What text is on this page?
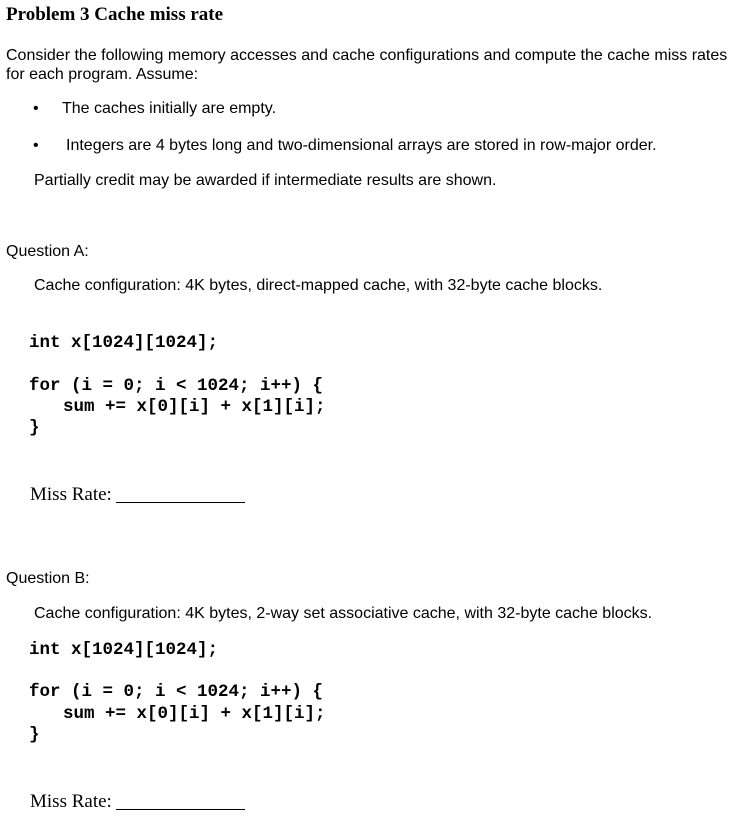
Problem 3 Cache miss rate
Consider the following memory accesses and cache configurations and compute the cache miss rates for each program. Assume:
• The caches initially are empty.
• Integers are 4 bytes long and two-dimensional arrays are stored in row-major order.
Partially credit may be awarded if intermediate results are shown.
Question A:
Cache configuration: 4K bytes, direct-mapped cache, with 32-byte cache blocks.
int x[1024][1024];
for (i = 0; i < 1024; i++) {
sum += x[0][i] + x[1][i];
}
Miss Rate:
Question B:
Cache configuration: 4K bytes, 2-way set associative cache, with 32-byte cache blocks.
int x[1024][1024];
for (i = 0; i < 1024; i++) {
sum += x[0][i] + x[1][i];
}
Miss Rate:
